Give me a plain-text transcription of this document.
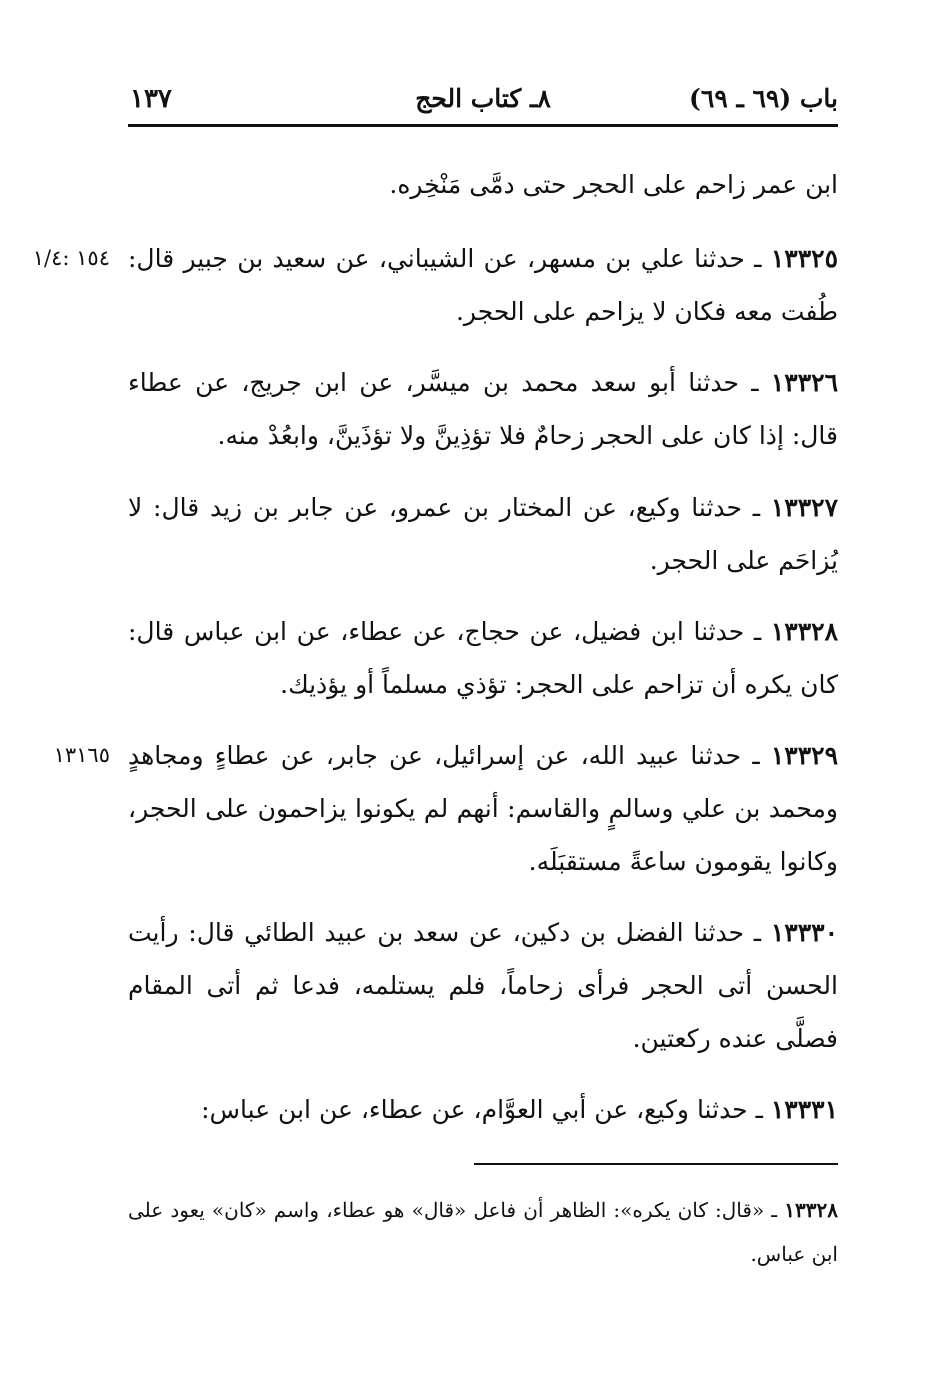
١٣٧	٨ـ كتاب الحج	باب (٦٩ ـ ٦٩)
ابن عمر زاحم على الحجر حتى دمَّى مَنْخِره.
١٥٤ :١/٤	١٣٣٢٥ ـ حدثنا علي بن مسهر، عن الشيباني، عن سعيد بن جبير قال: طُفت معه فكان لا يزاحم على الحجر.
١٣٣٢٦ ـ حدثنا أبو سعد محمد بن ميسَّر، عن ابن جريج، عن عطاء قال: إذا كان على الحجر زحامٌ فلا تؤذِينَّ ولا تؤذَينَّ، وابعُدْ منه.
١٣٣٢٧ ـ حدثنا وكيع، عن المختار بن عمرو، عن جابر بن زيد قال: لا يُزاحَم على الحجر.
١٣٣٢٨ ـ حدثنا ابن فضيل، عن حجاج، عن عطاء، عن ابن عباس قال: كان يكره أن تزاحم على الحجر: تؤذي مسلماً أو يؤذيك.
١٣١٦٥	١٣٣٢٩ ـ حدثنا عبيد الله، عن إسرائيل، عن جابر، عن عطاءٍ ومجاهدٍ ومحمد بن علي وسالمٍ والقاسم: أنهم لم يكونوا يزاحمون على الحجر، وكانوا يقومون ساعةً مستقبَلَه.
١٣٣٣٠ ـ حدثنا الفضل بن دكين، عن سعد بن عبيد الطائي قال: رأيت الحسن أتى الحجر فرأى زحاماً، فلم يستلمه، فدعا ثم أتى المقام فصلَّى عنده ركعتين.
١٣٣٣١ ـ حدثنا وكيع، عن أبي العوَّام، عن عطاء، عن ابن عباس:
١٣٣٢٨ ـ «قال: كان يكره»: الظاهر أن فاعل «قال» هو عطاء، واسم «كان» يعود على ابن عباس.
